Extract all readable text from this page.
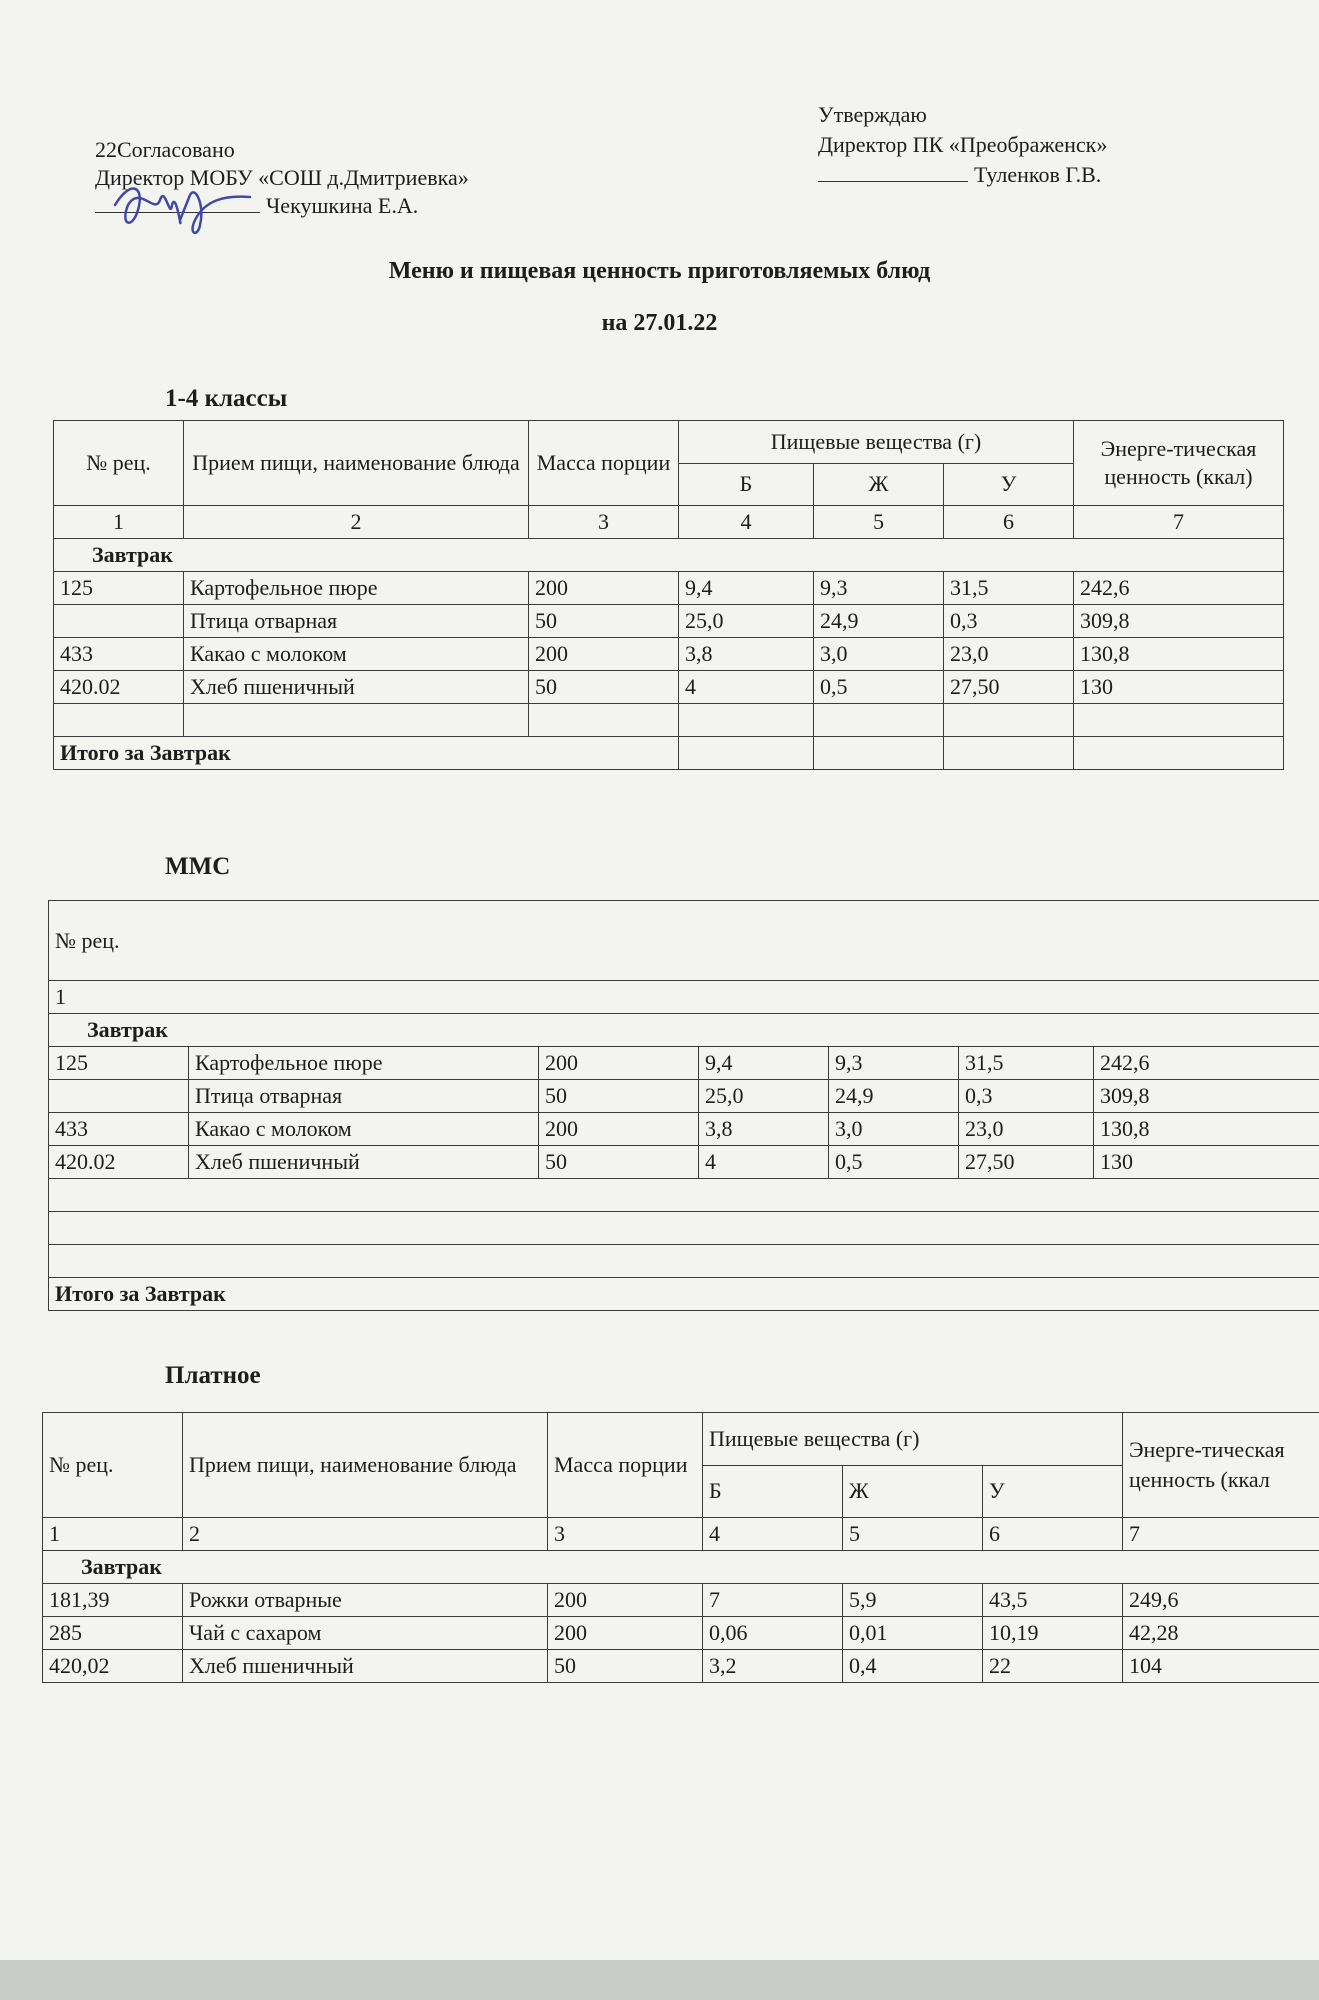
22Согласовано
Директор МОБУ «СОШ д.Дмитриевка»
Чекушкина Е.А.
Утверждаю
Директор ПК «Преображенск»
Туленков Г.В.
Меню и пищевая ценность приготовляемых блюд
на 27.01.22
1-4 классы
№ рец.	Прием пищи, наименование блюда	Масса порции	Пищевые вещества (г)			Энерге-тическая ценность (ккал)
			Б	Ж	У	
1	2	3	4	5	6	7
Завтрак						
125	Картофельное пюре	200	9,4	9,3	31,5	242,6
	Птица отварная	50	25,0	24,9	0,3	309,8
433	Какао с молоком	200	3,8	3,0	23,0	130,8
420.02	Хлеб пшеничный	50	4	0,5	27,50	130

Итого за Завтрак						
ММС
№ рец.						
1						
Завтрак						
125	Картофельное пюре	200	9,4	9,3	31,5	242,6
	Птица отварная	50	25,0	24,9	0,3	309,8
433	Какао с молоком	200	3,8	3,0	23,0	130,8
420.02	Хлеб пшеничный	50	4	0,5	27,50	130

Итого за Завтрак						
Платное
№ рец.	Прием пищи, наименование блюда	Масса порции	Пищевые вещества (г)			Энерге-тическая ценность (ккал
			Б	Ж	У	
1	2	3	4	5	6	7
Завтрак						
181,39	Рожки отварные	200	7	5,9	43,5	249,6
285	Чай с сахаром	200	0,06	0,01	10,19	42,28
420,02	Хлеб пшеничный	50	3,2	0,4	22	104
